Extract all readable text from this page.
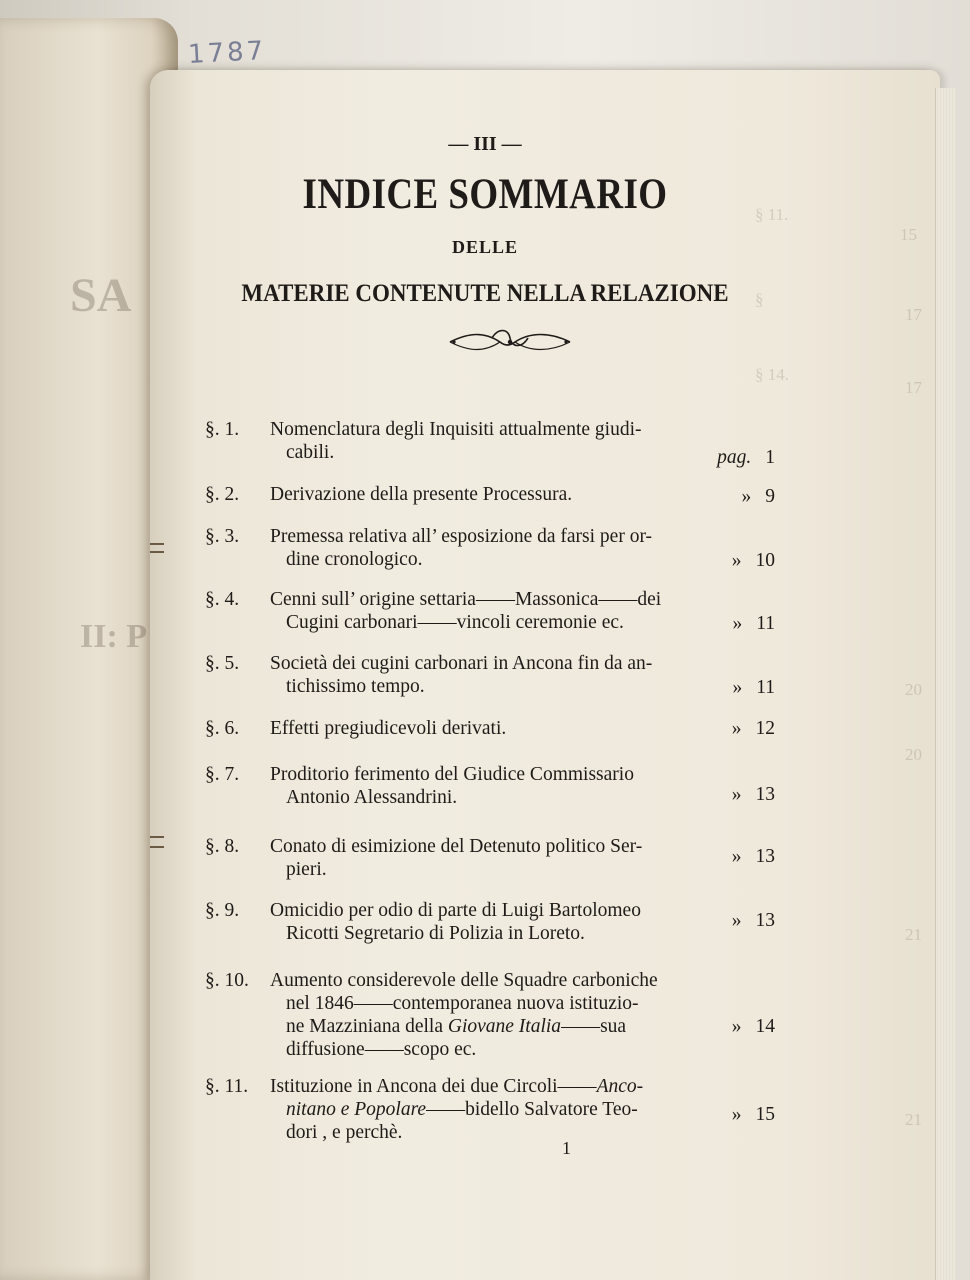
SA
II: P
1787
§ 11.
§
§ 14.
15
17
17
20
20
21
21
— III —
INDICE SOMMARIO
DELLE
MATERIE CONTENUTE NELLA RELAZIONE
§. 1. Nomenclatura degli Inquisiti attualmente giudi-
cabili.	pag. 1
§. 2. Derivazione della presente Processura.	» 9
§. 3. Premessa relativa all’ esposizione da farsi per or-
dine cronologico.	» 10
§. 4. Cenni sull’ origine settaria——Massonica——dei
Cugini carbonari——vincoli ceremonie ec.	» 11
§. 5. Società dei cugini carbonari in Ancona fin da an-
tichissimo tempo.	» 11
§. 6. Effetti pregiudicevoli derivati.	» 12
§. 7. Proditorio ferimento del Giudice Commissario
Antonio Alessandrini.	» 13
§. 8. Conato di esimizione del Detenuto politico Ser-
pieri.
» 13
§. 9. Omicidio per odio di parte di Luigi Bartolomeo
Ricotti Segretario di Polizia in Loreto.
» 13
§. 10. Aumento considerevole delle Squadre carboniche
nel 1846——contemporanea nuova istituzio-
ne Mazziniana della Giovane Italia——sua
diffusione——scopo ec.
» 14
§. 11. Istituzione in Ancona dei due Circoli——Anco-
nitano e Popolare——bidello Salvatore Teo-
dori , e perchè.
» 15
1
